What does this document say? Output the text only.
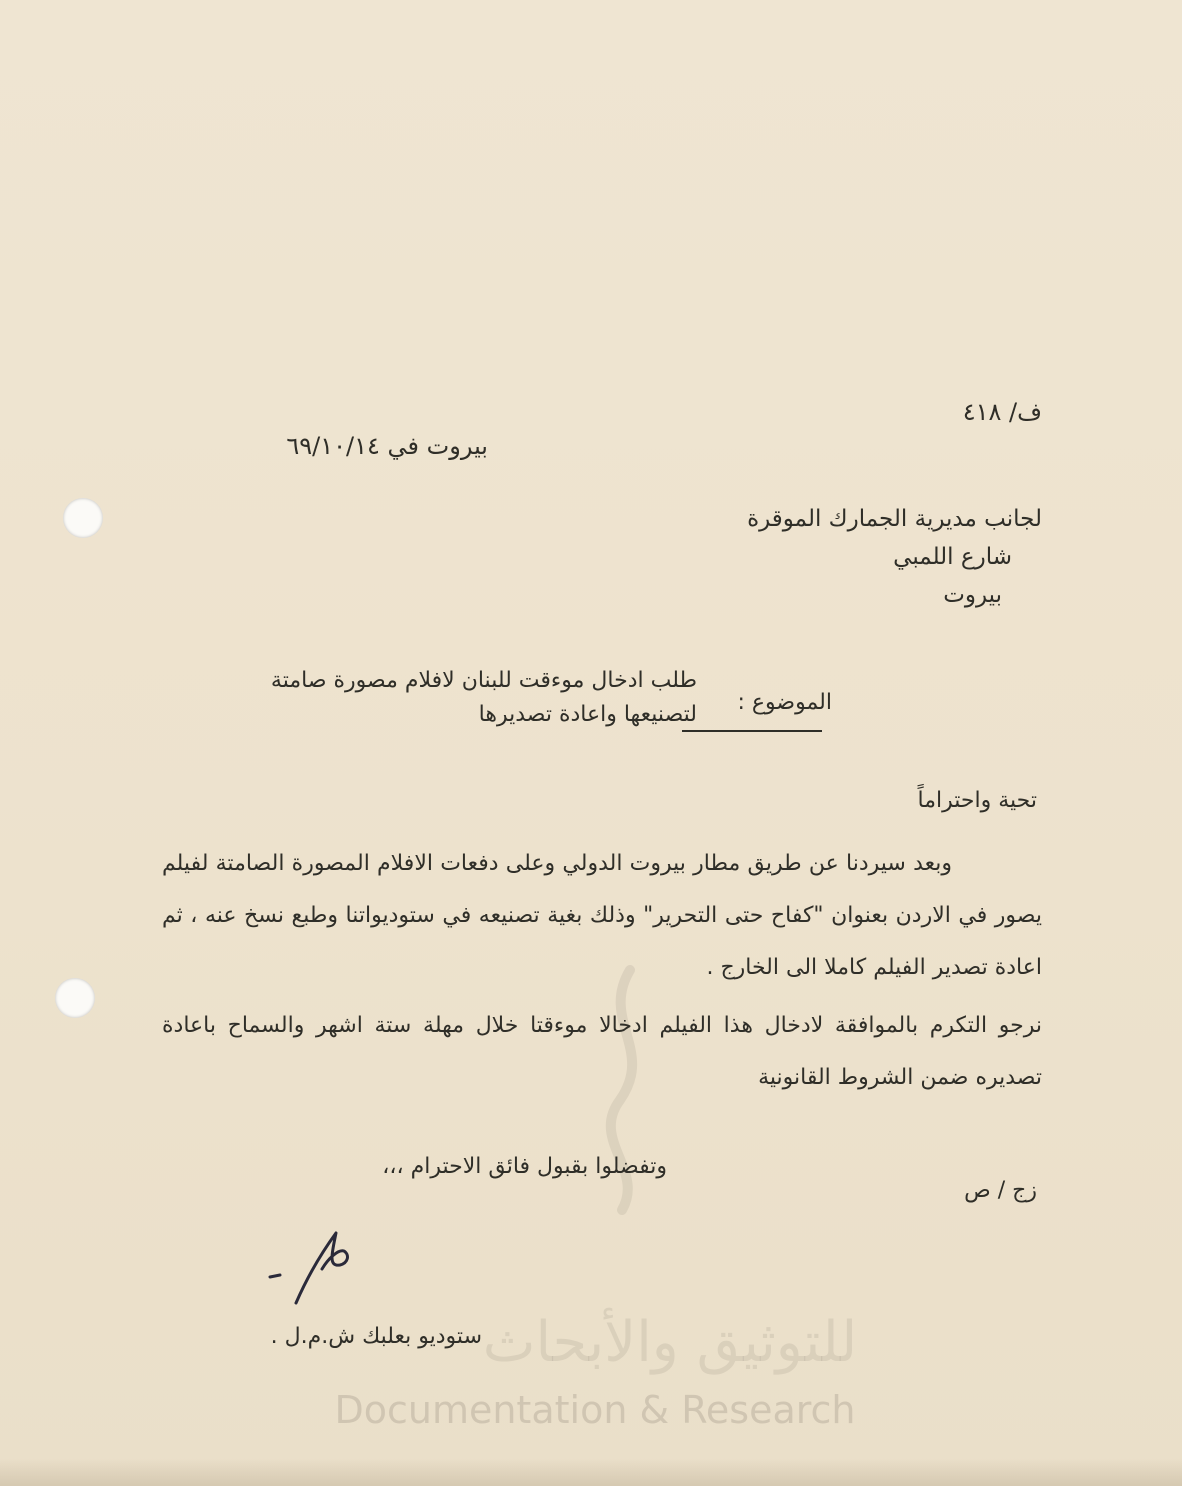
للتوثيق والأبحاث
Documentation & Research
ف/ ٤١٨
بيروت في ٦٩/١٠/١٤
لجانب مديرية الجمارك الموقرة
شارع اللمبي
بيروت
الموضوع :
طلب ادخال موءقت للبنان لافلام مصورة صامتة
لتصنيعها واعادة تصديرها
تحية واحتراماً

وبعد سيردنا عن طريق مطار بيروت الدولي وعلى دفعات الافلام المصورة الصامتة لفيلم يصور في الاردن بعنوان "كفاح حتى التحرير" وذلك بغية تصنيعه في ستوديواتنا وطبع نسخ عنه ، ثم اعادة تصدير الفيلم كاملا الى الخارج .

نرجو التكرم بالموافقة لادخال هذا الفيلم ادخالا موءقتا خلال مهلة ستة اشهر والسماح باعادة تصديره ضمن الشروط القانونية

وتفضلوا بقبول فائق الاحترام ،،،
زج / ص
ستوديو بعلبك ش.م.ل .
